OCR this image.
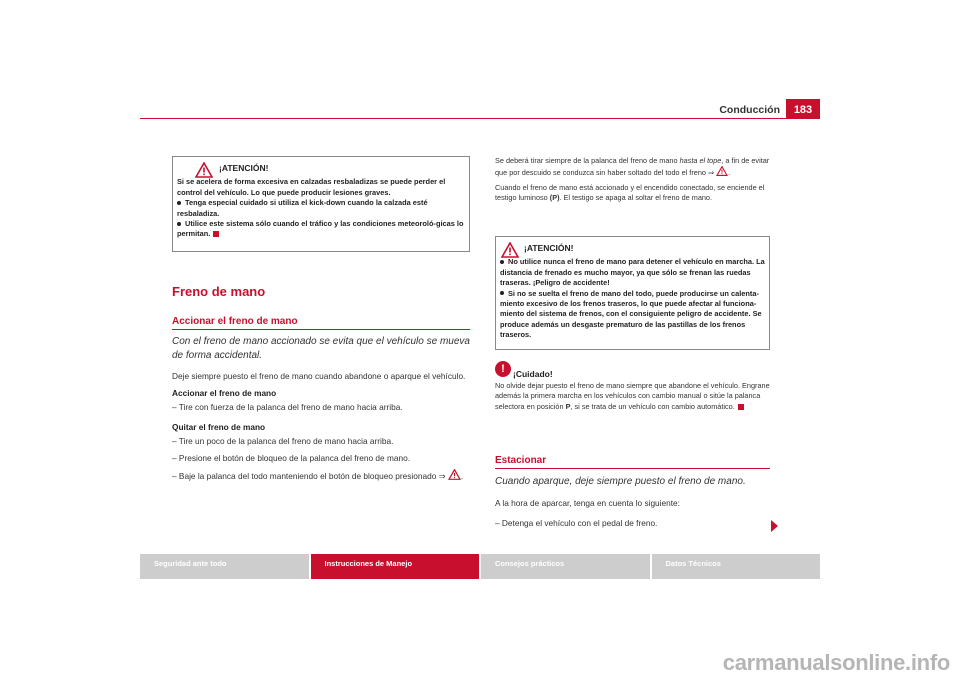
Conducción	183
¡ATENCIÓN!

Si se acelera de forma excesiva en calzadas resbaladizas se puede perder el control del vehículo. Lo que puede producir lesiones graves.

Tenga especial cuidado si utiliza el kick-down cuando la calzada esté resbaladiza.

Utilice este sistema sólo cuando el tráfico y las condiciones meteoroló-gicas lo permitan.

Freno de mano
Accionar el freno de mano
Con el freno de mano accionado se evita que el vehículo se mueva de forma accidental.

Deje siempre puesto el freno de mano cuando abandone o aparque el vehículo.

Accionar el freno de mano

– Tire con fuerza de la palanca del freno de mano hacia arriba.

Quitar el freno de mano

– Tire un poco de la palanca del freno de mano hacia arriba.

– Presione el botón de bloqueo de la palanca del freno de mano.

– Baje la palanca del todo manteniendo el botón de bloqueo presionado ⇒ .

Se deberá tirar siempre de la palanca del freno de mano hasta el tope, a fin de evitar que por descuido se conduzca sin haber soltado del todo el freno ⇒ .

Cuando el freno de mano está accionado y el encendido conectado, se enciende el testigo luminoso (P). El testigo se apaga al soltar el freno de mano.

¡ATENCIÓN!

No utilice nunca el freno de mano para detener el vehículo en marcha. La distancia de frenado es mucho mayor, ya que sólo se frenan las ruedas traseras. ¡Peligro de accidente!

Si no se suelta el freno de mano del todo, puede producirse un calenta-miento excesivo de los frenos traseros, lo que puede afectar al funciona-miento del sistema de frenos, con el consiguiente peligro de accidente. Se produce además un desgaste prematuro de las pastillas de los frenos traseros.

! ¡Cuidado!

No olvide dejar puesto el freno de mano siempre que abandone el vehículo. Engrane además la primera marcha en los vehículos con cambio manual o sitúe la palanca selectora en posición P, si se trata de un vehículo con cambio automático.

Estacionar
Cuando aparque, deje siempre puesto el freno de mano.

A la hora de aparcar, tenga en cuenta lo siguiente:

– Detenga el vehículo con el pedal de freno.

Seguridad ante todo	Instrucciones de Manejo	Consejos prácticos	Datos Técnicos
carmanualsonline.info
